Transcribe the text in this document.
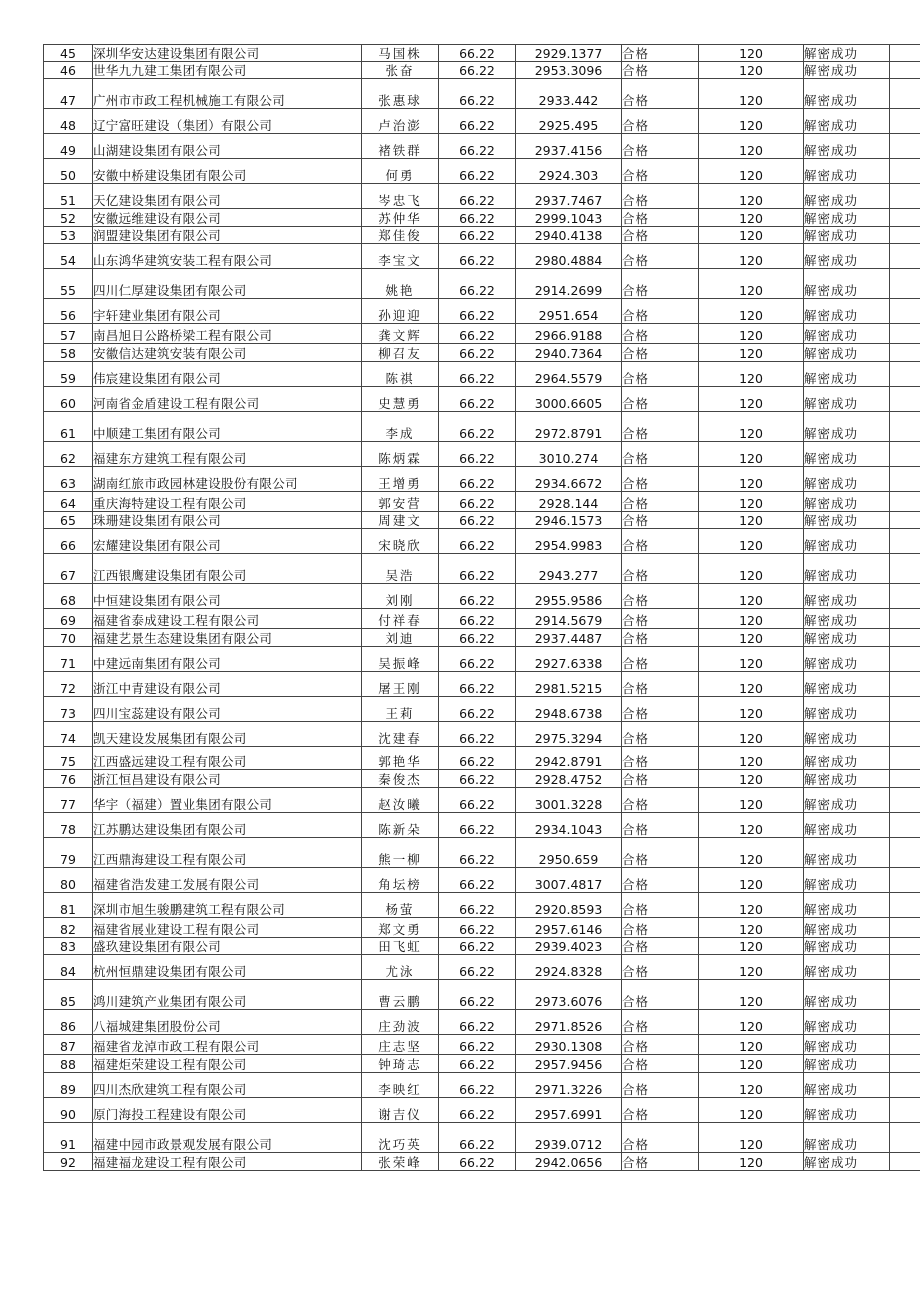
45	深圳华安达建设集团有限公司	马国株	66.22	2929.1377	合格	120	解密成功	
46	世华九九建工集团有限公司	张奋	66.22	2953.3096	合格	120	解密成功	
47	广州市市政工程机械施工有限公司	张惠球	66.22	2933.442	合格	120	解密成功	
48	辽宁富旺建设（集团）有限公司	卢治澎	66.22	2925.495	合格	120	解密成功	
49	山湖建设集团有限公司	褚铁群	66.22	2937.4156	合格	120	解密成功	
50	安徽中桥建设集团有限公司	何勇	66.22	2924.303	合格	120	解密成功	
51	天亿建设集团有限公司	岑忠飞	66.22	2937.7467	合格	120	解密成功	
52	安徽远维建设有限公司	苏仲华	66.22	2999.1043	合格	120	解密成功	
53	润盟建设集团有限公司	郑佳俊	66.22	2940.4138	合格	120	解密成功	
54	山东鸿华建筑安装工程有限公司	李宝文	66.22	2980.4884	合格	120	解密成功	
55	四川仁厚建设集团有限公司	姚艳	66.22	2914.2699	合格	120	解密成功	
56	宇轩建业集团有限公司	孙迎迎	66.22	2951.654	合格	120	解密成功	
57	南昌旭日公路桥梁工程有限公司	龚文辉	66.22	2966.9188	合格	120	解密成功	
58	安徽信达建筑安装有限公司	柳召友	66.22	2940.7364	合格	120	解密成功	
59	伟宸建设集团有限公司	陈祺	66.22	2964.5579	合格	120	解密成功	
60	河南省金盾建设工程有限公司	史慧勇	66.22	3000.6605	合格	120	解密成功	
61	中顺建工集团有限公司	李成	66.22	2972.8791	合格	120	解密成功	
62	福建东方建筑工程有限公司	陈炳霖	66.22	3010.274	合格	120	解密成功	
63	湖南红旅市政园林建设股份有限公司	王增勇	66.22	2934.6672	合格	120	解密成功	
64	重庆海特建设工程有限公司	郭安营	66.22	2928.144	合格	120	解密成功	
65	珠珊建设集团有限公司	周建文	66.22	2946.1573	合格	120	解密成功	
66	宏耀建设集团有限公司	宋晓欣	66.22	2954.9983	合格	120	解密成功	
67	江西银鹰建设集团有限公司	吴浩	66.22	2943.277	合格	120	解密成功	
68	中恒建设集团有限公司	刘刚	66.22	2955.9586	合格	120	解密成功	
69	福建省泰成建设工程有限公司	付祥春	66.22	2914.5679	合格	120	解密成功	
70	福建艺景生态建设集团有限公司	刘迪	66.22	2937.4487	合格	120	解密成功	
71	中建远南集团有限公司	吴振峰	66.22	2927.6338	合格	120	解密成功	
72	浙江中青建设有限公司	屠王刚	66.22	2981.5215	合格	120	解密成功	
73	四川宝蕊建设有限公司	王莉	66.22	2948.6738	合格	120	解密成功	
74	凯天建设发展集团有限公司	沈建春	66.22	2975.3294	合格	120	解密成功	
75	江西盛远建设工程有限公司	郭艳华	66.22	2942.8791	合格	120	解密成功	
76	浙江恒昌建设有限公司	秦俊杰	66.22	2928.4752	合格	120	解密成功	
77	华宇（福建）置业集团有限公司	赵汝曦	66.22	3001.3228	合格	120	解密成功	
78	江苏鹏达建设集团有限公司	陈新朵	66.22	2934.1043	合格	120	解密成功	
79	江西鼎海建设工程有限公司	熊一柳	66.22	2950.659	合格	120	解密成功	
80	福建省浩发建工发展有限公司	角坛榜	66.22	3007.4817	合格	120	解密成功	
81	深圳市旭生骏鹏建筑工程有限公司	杨萤	66.22	2920.8593	合格	120	解密成功	
82	福建省展业建设工程有限公司	郑文勇	66.22	2957.6146	合格	120	解密成功	
83	盛玖建设集团有限公司	田飞虹	66.22	2939.4023	合格	120	解密成功	
84	杭州恒鼎建设集团有限公司	尤泳	66.22	2924.8328	合格	120	解密成功	
85	鸿川建筑产业集团有限公司	曹云鹏	66.22	2973.6076	合格	120	解密成功	
86	八福城建集团股份公司	庄劲波	66.22	2971.8526	合格	120	解密成功	
87	福建省龙淖市政工程有限公司	庄志坚	66.22	2930.1308	合格	120	解密成功	
88	福建炬荣建设工程有限公司	钟琦志	66.22	2957.9456	合格	120	解密成功	
89	四川杰欣建筑工程有限公司	李映红	66.22	2971.3226	合格	120	解密成功	
90	原门海投工程建设有限公司	谢吉仪	66.22	2957.6991	合格	120	解密成功	
91	福建中园市政景观发展有限公司	沈巧英	66.22	2939.0712	合格	120	解密成功	
92	福建福龙建设工程有限公司	张荣峰	66.22	2942.0656	合格	120	解密成功	
